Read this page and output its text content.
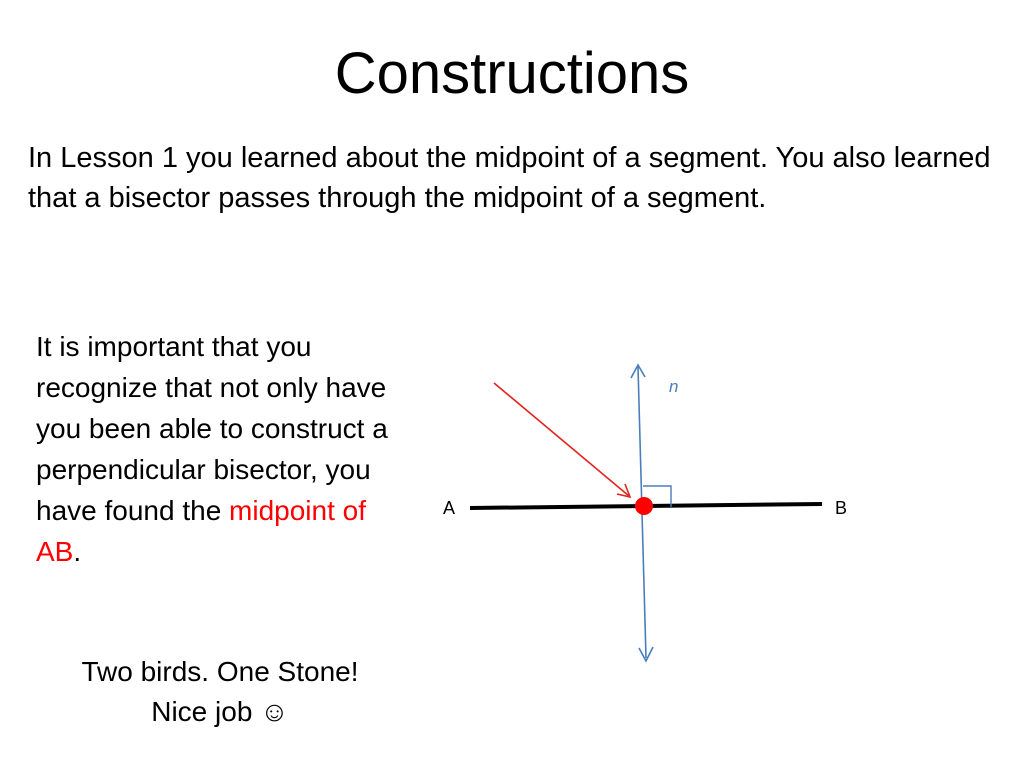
Constructions

In Lesson 1 you learned about the midpoint of a segment. You also learned that a bisector passes through the midpoint of a segment.

It is important that you recognize that not only have you been able to construct a perpendicular bisector, you have found the midpoint of AB.

Two birds. One Stone!
Nice job ☺
A	B
n
